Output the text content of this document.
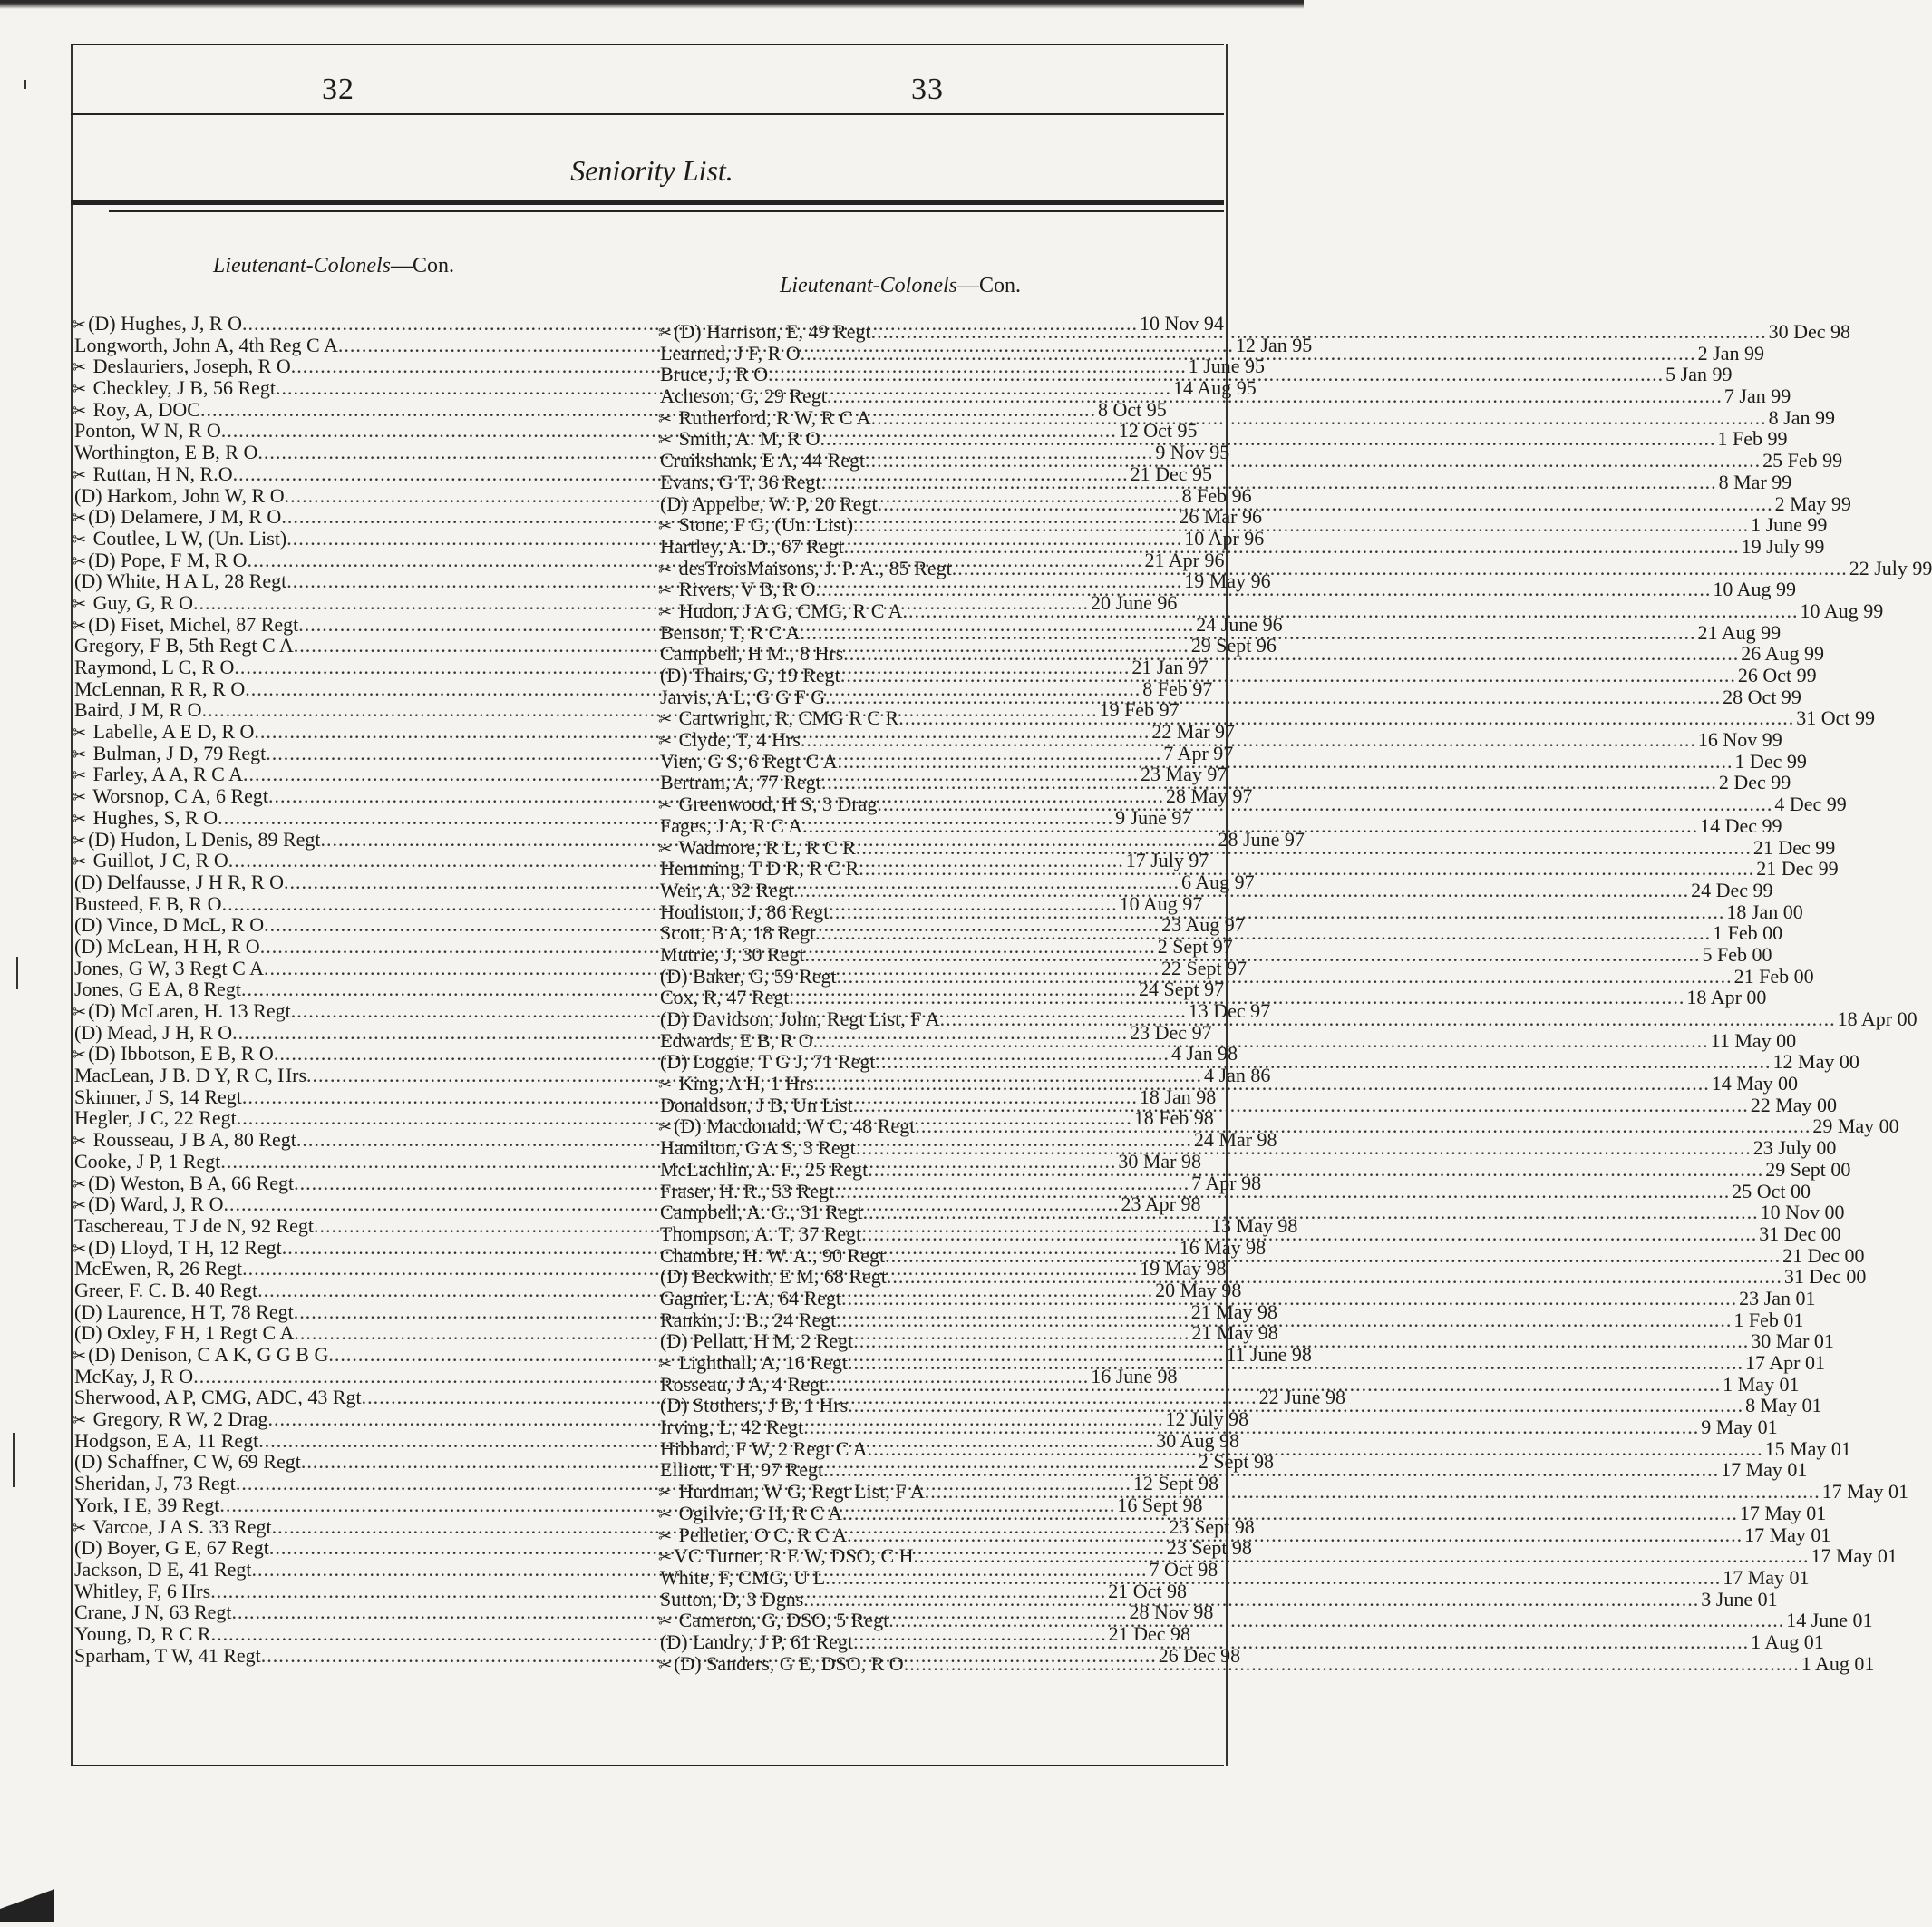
32	33
Seniority List.
Lieutenant-Colonels—Con.
Lieutenant-Colonels—Con.
✂(D) Hughes, J, R O .....	10 Nov 94
Longworth, John A, 4th Reg C A .....	12 Jan 95
✂ Deslauriers, Joseph, R O .....	1 June 95
✂ Checkley, J B, 56 Regt .....	14 Aug 95
✂ Roy, A, DOC .....	8 Oct 95
Ponton, W N, R O .....	12 Oct 95
Worthington, E B, R O .....	9 Nov 95
✂ Ruttan, H N, R.O .....	21 Dec 95
(D) Harkom, John W, R O .....	8 Feb 96
✂(D) Delamere, J M, R O .....	26 Mar 96
✂ Coutlee, L W, (Un. List) .....	10 Apr 96
✂(D) Pope, F M, R O .....	21 Apr 96
(D) White, H A L, 28 Regt .....	19 May 96
✂ Guy, G, R O .....	20 June 96
✂(D) Fiset, Michel, 87 Regt .....	24 June 96
Gregory, F B, 5th Regt C A .....	29 Sept 96
Raymond, L C, R O .....	21 Jan 97
McLennan, R R, R O .....	8 Feb 97
Baird, J M, R O .....	19 Feb 97
✂ Labelle, A E D, R O .....	22 Mar 97
✂ Bulman, J D, 79 Regt .....	7 Apr 97
✂ Farley, A A, R C A .....	23 May 97
✂ Worsnop, C A, 6 Regt .....	28 May 97
✂ Hughes, S, R O .....	9 June 97
✂(D) Hudon, L Denis, 89 Regt .....	28 June 97
✂ Guillot, J C, R O .....	17 July 97
(D) Delfausse, J H R, R O .....	6 Aug 97
Busteed, E B, R O .....	10 Aug 97
(D) Vince, D McL, R O .....	23 Aug 97
(D) McLean, H H, R O .....	2 Sept 97
Jones, G W, 3 Regt C A .....	22 Sept 97
Jones, G E A, 8 Regt .....	24 Sept 97
✂(D) McLaren, H. 13 Regt .....	13 Dec 97
(D) Mead, J H, R O .....	23 Dec 97
✂(D) Ibbotson, E B, R O .....	4 Jan 98
MacLean, J B. D Y, R C, Hrs .....	4 Jan 86
Skinner, J S, 14 Regt .....	18 Jan 98
Hegler, J C, 22 Regt .....	18 Feb 98
✂ Rousseau, J B A, 80 Regt .....	24 Mar 98
Cooke, J P, 1 Regt .....	30 Mar 98
✂(D) Weston, B A, 66 Regt .....	7 Apr 98
✂(D) Ward, J, R O .....	23 Apr 98
Taschereau, T J de N, 92 Regt .....	13 May 98
✂(D) Lloyd, T H, 12 Regt .....	16 May 98
McEwen, R, 26 Regt .....	19 May 98
Greer, F. C. B. 40 Regt .....	20 May 98
(D) Laurence, H T, 78 Regt .....	21 May 98
(D) Oxley, F H, 1 Regt C A .....	21 May 98
✂(D) Denison, C A K, G G B G .....	11 June 98
McKay, J, R O .....	16 June 98
Sherwood, A P, CMG, ADC, 43 Rgt .....	22 June 98
✂ Gregory, R W, 2 Drag .....	12 July 98
Hodgson, E A, 11 Regt .....	30 Aug 98
(D) Schaffner, C W, 69 Regt .....	2 Sept 98
Sheridan, J, 73 Regt .....	12 Sept 98
York, I E, 39 Regt .....	16 Sept 98
✂ Varcoe, J A S. 33 Regt .....	23 Sept 98
(D) Boyer, G E, 67 Regt .....	23 Sept 98
Jackson, D E, 41 Regt .....	7 Oct 98
Whitley, F, 6 Hrs .....	21 Oct 98
Crane, J N, 63 Regt .....	28 Nov 98
Young, D, R C R .....	21 Dec 98
Sparham, T W, 41 Regt .....	26 Dec 98
✂(D) Harrison, E, 49 Regt .....	30 Dec 98
Learned, J F, R O .....	2 Jan 99
Bruce, J, R O .....	5 Jan 99
Acheson, G, 29 Regt .....	7 Jan 99
✂ Rutherford, R W, R C A .....	8 Jan 99
✂ Smith, A. M, R O .....	1 Feb 99
Cruikshank, E A, 44 Regt .....	25 Feb 99
Evans, G T, 36 Regt .....	8 Mar 99
(D) Appelbe, W. P, 20 Regt .....	2 May 99
✂ Stone, F G, (Un. List) .....	1 June 99
Hartley, A. D., 67 Regt .....	19 July 99
✂ desTroisMaisons, J. P. A., 85 Regt .....	22 July 99
✂ Rivers, V B, R O .....	10 Aug 99
✂ Hudon, J A G, CMG, R C A .....	10 Aug 99
Benson, T, R C A .....	21 Aug 99
Campbell, H M., 8 Hrs .....	26 Aug 99
(D) Thairs, G, 19 Regt .....	26 Oct 99
Jarvis, A L, G G F G .....	28 Oct 99
✂ Cartwright, R, CMG R C R .....	31 Oct 99
✂ Clyde, T, 4 Hrs .....	16 Nov 99
Vien, G S, 6 Regt C A .....	1 Dec 99
Bertram, A, 77 Regt .....	2 Dec 99
✂ Greenwood, H S, 3 Drag .....	4 Dec 99
Fages, J A, R C A .....	14 Dec 99
✂ Wadmore, R L, R C R .....	21 Dec 99
Hemming, T D R, R C R .....	21 Dec 99
Weir, A, 32 Regt .....	24 Dec 99
Houliston, J, 86 Regt .....	18 Jan 00
Scott, B A, 18 Regt .....	1 Feb 00
Mutrie, J, 30 Regt .....	5 Feb 00
(D) Baker, G, 59 Regt .....	21 Feb 00
Cox, R, 47 Regt .....	18 Apr 00
(D) Davidson, John, Regt List, F A .....	18 Apr 00
Edwards, E B, R O .....	11 May 00
(D) Loggie, T G J, 71 Regt .....	12 May 00
✂ King, A H, 1 Hrs .....	14 May 00
Donaldson, J B, Un List .....	22 May 00
✂(D) Macdonald, W C, 48 Regt .....	29 May 00
Hamilton, G A S, 3 Regt .....	23 July 00
McLachlin, A. F., 25 Regt .....	29 Sept 00
Fraser, H. R., 53 Regt .....	25 Oct 00
Campbell, A. G., 31 Regt .....	10 Nov 00
Thompson, A. T, 37 Regt .....	31 Dec 00
Chambre, H. W. A., 90 Regt .....	21 Dec 00
(D) Beckwith, E M, 68 Regt .....	31 Dec 00
Gagnier, L. A, 64 Regt .....	23 Jan 01
Rankin, J. B., 24 Regt .....	1 Feb 01
(D) Pellatt, H M, 2 Regt .....	30 Mar 01
✂ Lighthall, A, 16 Regt .....	17 Apr 01
Rosseau, J A, 4 Regt .....	1 May 01
(D) Stothers, J B, 1 Hrs .....	8 May 01
Irving, L, 42 Regt .....	9 May 01
Hibbard, F W, 2 Regt C A .....	15 May 01
Elliott, T H, 97 Regt .....	17 May 01
✂ Hurdman, W G, Regt List, F A .....	17 May 01
✂ Ogilvie, G H, R C A .....	17 May 01
✂ Pelletier, O C, R C A .....	17 May 01
✂VC Turner, R E W, DSO, C H .....	17 May 01
White, F, CMG, U L .....	17 May 01
Sutton, D, 3 Dgns .....	3 June 01
✂ Cameron, G, DSO, 5 Regt .....	14 June 01
(D) Landry, J P, 61 Regt .....	1 Aug 01
✂(D) Sanders, G E, DSO, R O .....	1 Aug 01
